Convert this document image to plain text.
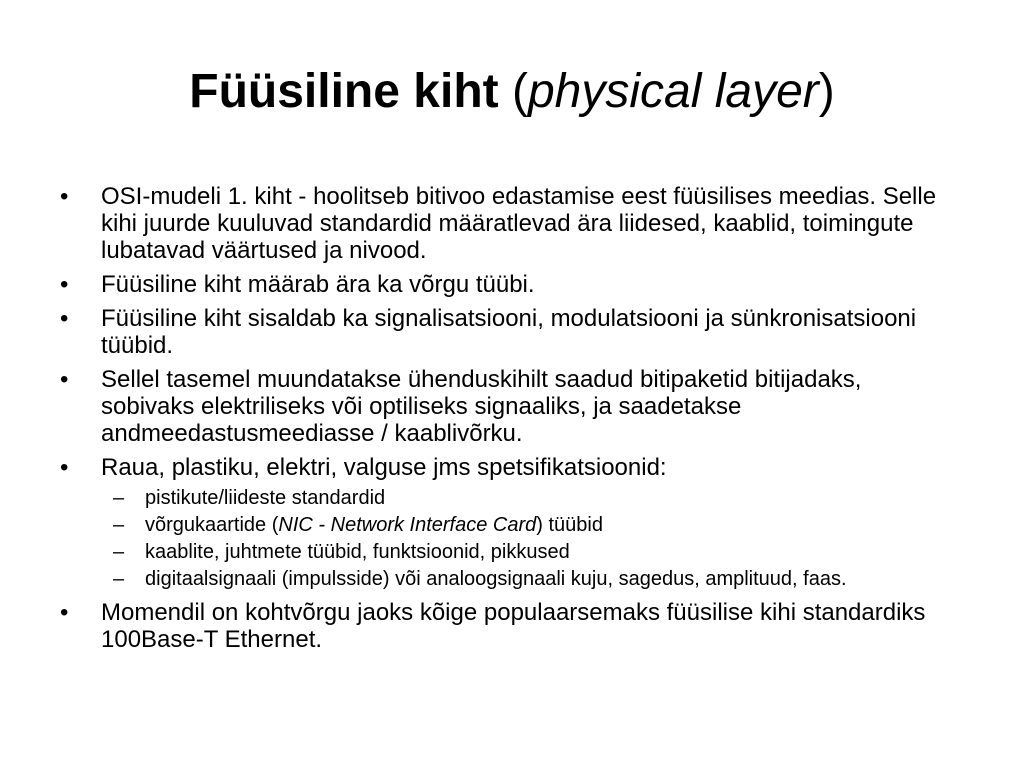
Füüsiline kiht (physical layer)
• OSI-mudeli 1. kiht - hoolitseb bitivoo edastamise eest füüsilises meedias. Selle kihi juurde kuuluvad standardid määratlevad ära liidesed, kaablid, toimingute lubatavad väärtused ja nivood.
• Füüsiline kiht määrab ära ka võrgu tüübi.
• Füüsiline kiht sisaldab ka signalisatsiooni, modulatsiooni ja sünkronisatsiooni tüübid.
• Sellel tasemel muundatakse ühenduskihilt saadud bitipaketid bitijadaks, sobivaks elektriliseks või optiliseks signaaliks, ja saadetakse andmeedastusmeediasse / kaablivõrku.
• Raua, plastiku, elektri, valguse jms spetsifikatsioonid:
– pistikute/liideste standardid
– võrgukaartide (NIC - Network Interface Card) tüübid
– kaablite, juhtmete tüübid, funktsioonid, pikkused
– digitaalsignaali (impulsside) või analoogsignaali kuju, sagedus, amplituud, faas.
• Momendil on kohtvõrgu jaoks kõige populaarsemaks füüsilise kihi standardiks 100Base-T Ethernet.
